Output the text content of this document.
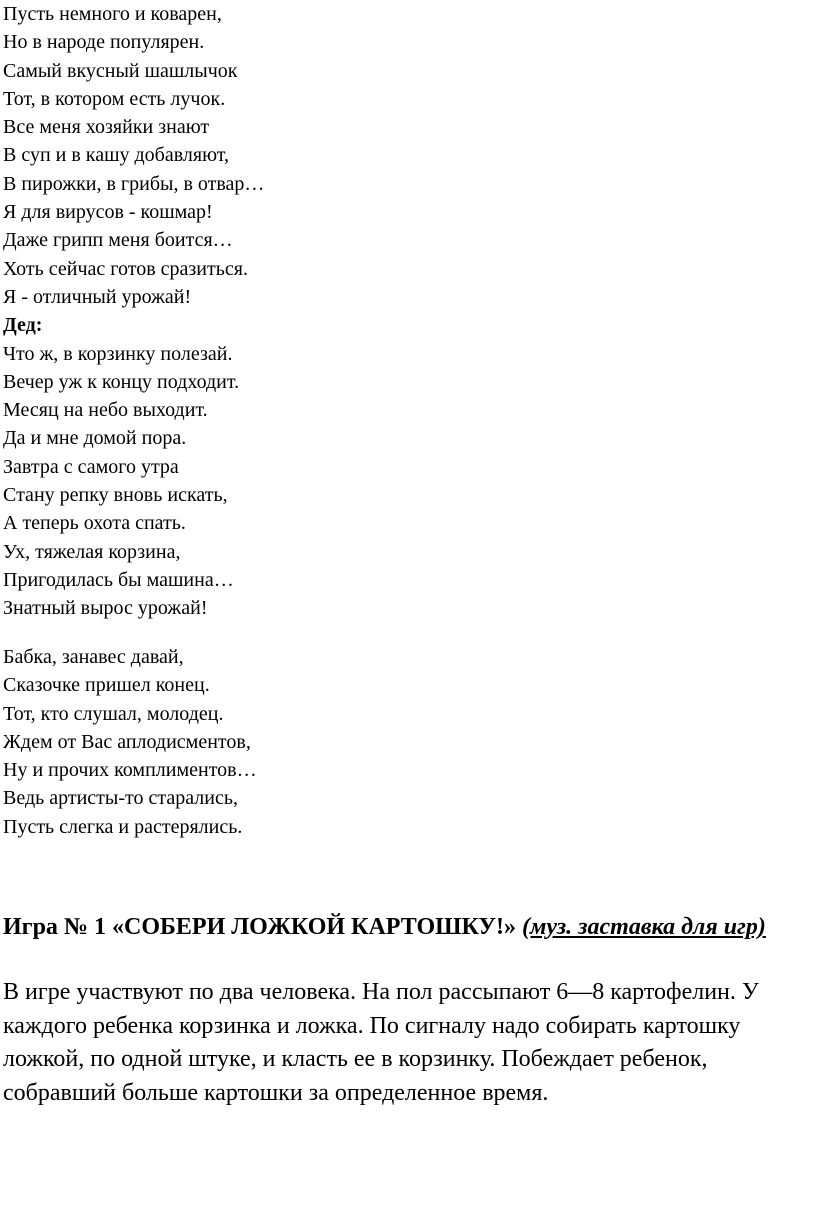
Пусть немного и коварен,
Но в народе популярен.
Самый вкусный шашлычок
Тот, в котором есть лучок.
Все меня хозяйки знают
В суп и в кашу добавляют,
В пирожки, в грибы, в отвар…
Я для вирусов - кошмар!
Даже грипп меня боится…
Хоть сейчас готов сразиться.
Я - отличный урожай!
Дед:
Что ж, в корзинку полезай.
Вечер уж к концу подходит.
Месяц на небо выходит.
Да и мне домой пора.
Завтра с самого утра
Стану репку вновь искать,
А теперь охота спать.
Ух, тяжелая корзина,
Пригодилась бы машина…
Знатный вырос урожай!
Бабка, занавес давай,
Сказочке пришел конец.
Тот, кто слушал, молодец.
Ждем от Вас аплодисментов,
Ну и прочих комплиментов…
Ведь артисты-то старались,
Пусть слегка и растерялись.
Игра № 1 «СОБЕРИ ЛОЖКОЙ КАРТОШКУ!» (муз. заставка для игр)
В игре участвуют по два человека. На пол рассыпают 6—8 картофелин. У каждого ребенка корзинка и ложка. По сигналу надо собирать картошку ложкой, по одной штуке, и класть ее в корзинку. Побеждает ребенок, собравший больше картошки за определенное время.
